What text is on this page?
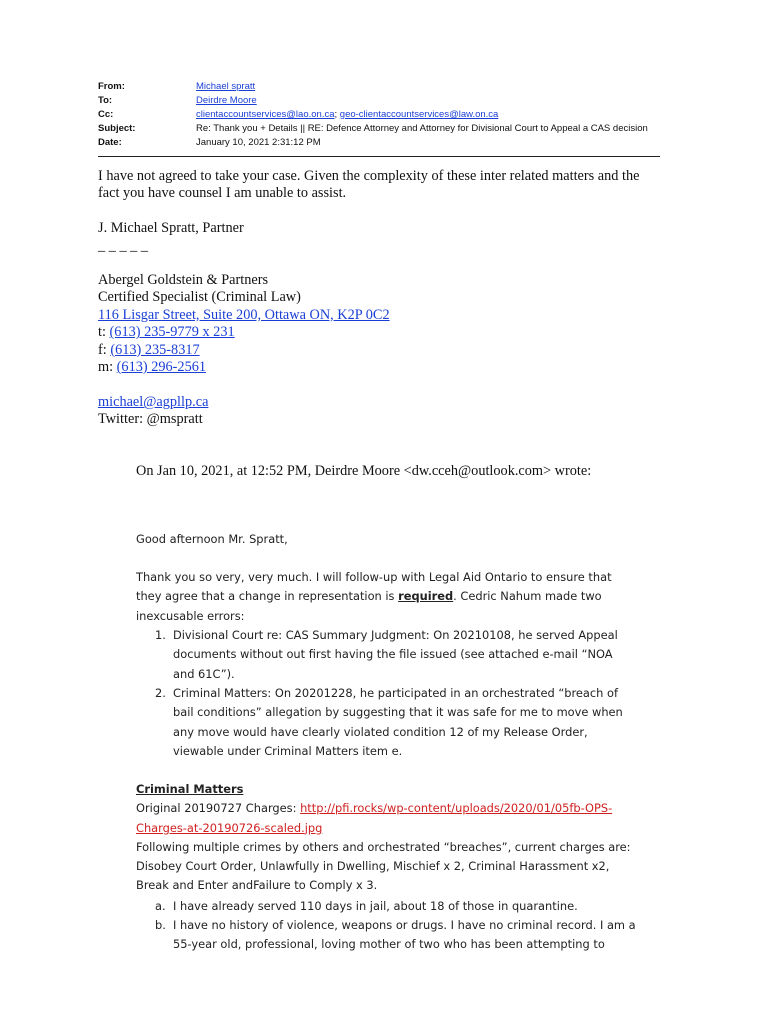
From:	Michael spratt
To:	Deirdre Moore
Cc:	clientaccountservices@lao.on.ca; geo-clientaccountservices@law.on.ca
Subject:	Re: Thank you + Details || RE: Defence Attorney and Attorney for Divisional Court to Appeal a CAS decision
Date:	January 10, 2021 2:31:12 PM
I have not agreed to take your case. Given the complexity of these inter related matters and the
fact you have counsel I am unable to assist.
J. Michael Spratt, Partner
_ _ _ _ _
Abergel Goldstein & Partners
Certified Specialist (Criminal Law)
116 Lisgar Street, Suite 200, Ottawa ON, K2P 0C2
t: (613) 235-9779 x 231
f: (613) 235-8317
m: (613) 296-2561
michael@agpllp.ca
Twitter: @mspratt
On Jan 10, 2021, at 12:52 PM, Deirdre Moore <dw.cceh@outlook.com> wrote:
Good afternoon Mr. Spratt,
Thank you so very, very much. I will follow-up with Legal Aid Ontario to ensure that
they agree that a change in representation is required. Cedric Nahum made two
inexcusable errors:
1. Divisional Court re: CAS Summary Judgment: On 20210108, he served Appeal
documents without out first having the file issued (see attached e-mail “NOA
and 61C”).
2. Criminal Matters: On 20201228, he participated in an orchestrated “breach of
bail conditions” allegation by suggesting that it was safe for me to move when
any move would have clearly violated condition 12 of my Release Order,
viewable under Criminal Matters item e.
Criminal Matters
Original 20190727 Charges: http://pfi.rocks/wp-content/uploads/2020/01/05fb-OPS-
Charges-at-20190726-scaled.jpg
Following multiple crimes by others and orchestrated “breaches”, current charges are:
Disobey Court Order, Unlawfully in Dwelling, Mischief x 2, Criminal Harassment x2,
Break and Enter andFailure to Comply x 3.
a. I have already served 110 days in jail, about 18 of those in quarantine.
b. I have no history of violence, weapons or drugs. I have no criminal record. I am a
55-year old, professional, loving mother of two who has been attempting to
